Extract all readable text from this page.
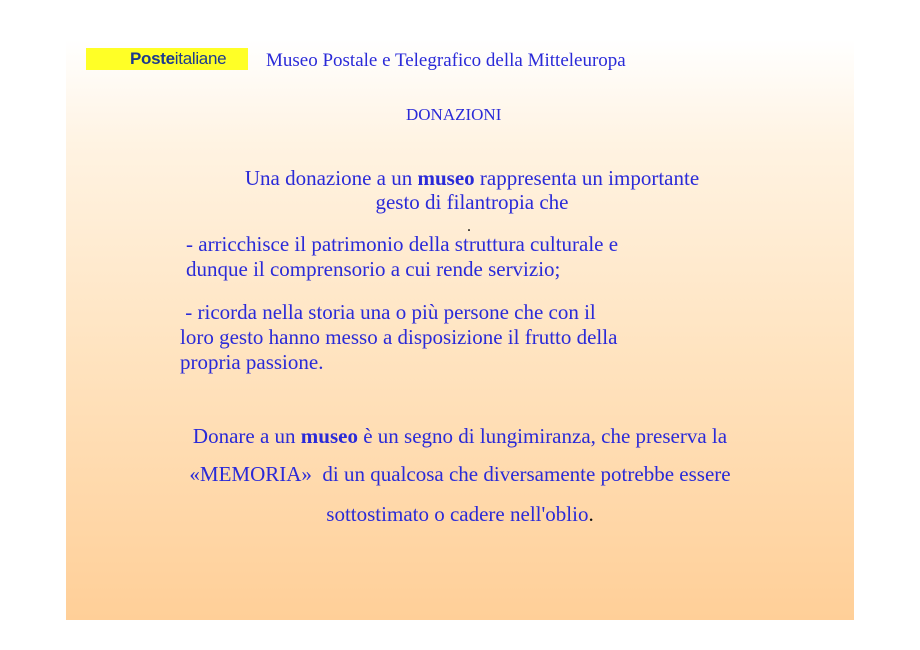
Posteitaliane Museo Postale e Telegrafico della Mitteleuropa
DONAZIONI
Una donazione a un museo rappresenta un importante
gesto di filantropia che
.
- arricchisce il patrimonio della struttura culturale e
dunque il comprensorio a cui rende servizio;
- ricorda nella storia una o più persone che con il
loro gesto hanno messo a disposizione il frutto della
propria passione.
Donare a un museo è un segno di lungimiranza, che preserva la
«MEMORIA»  di un qualcosa che diversamente potrebbe essere
sottostimato o cadere nell'oblio.
